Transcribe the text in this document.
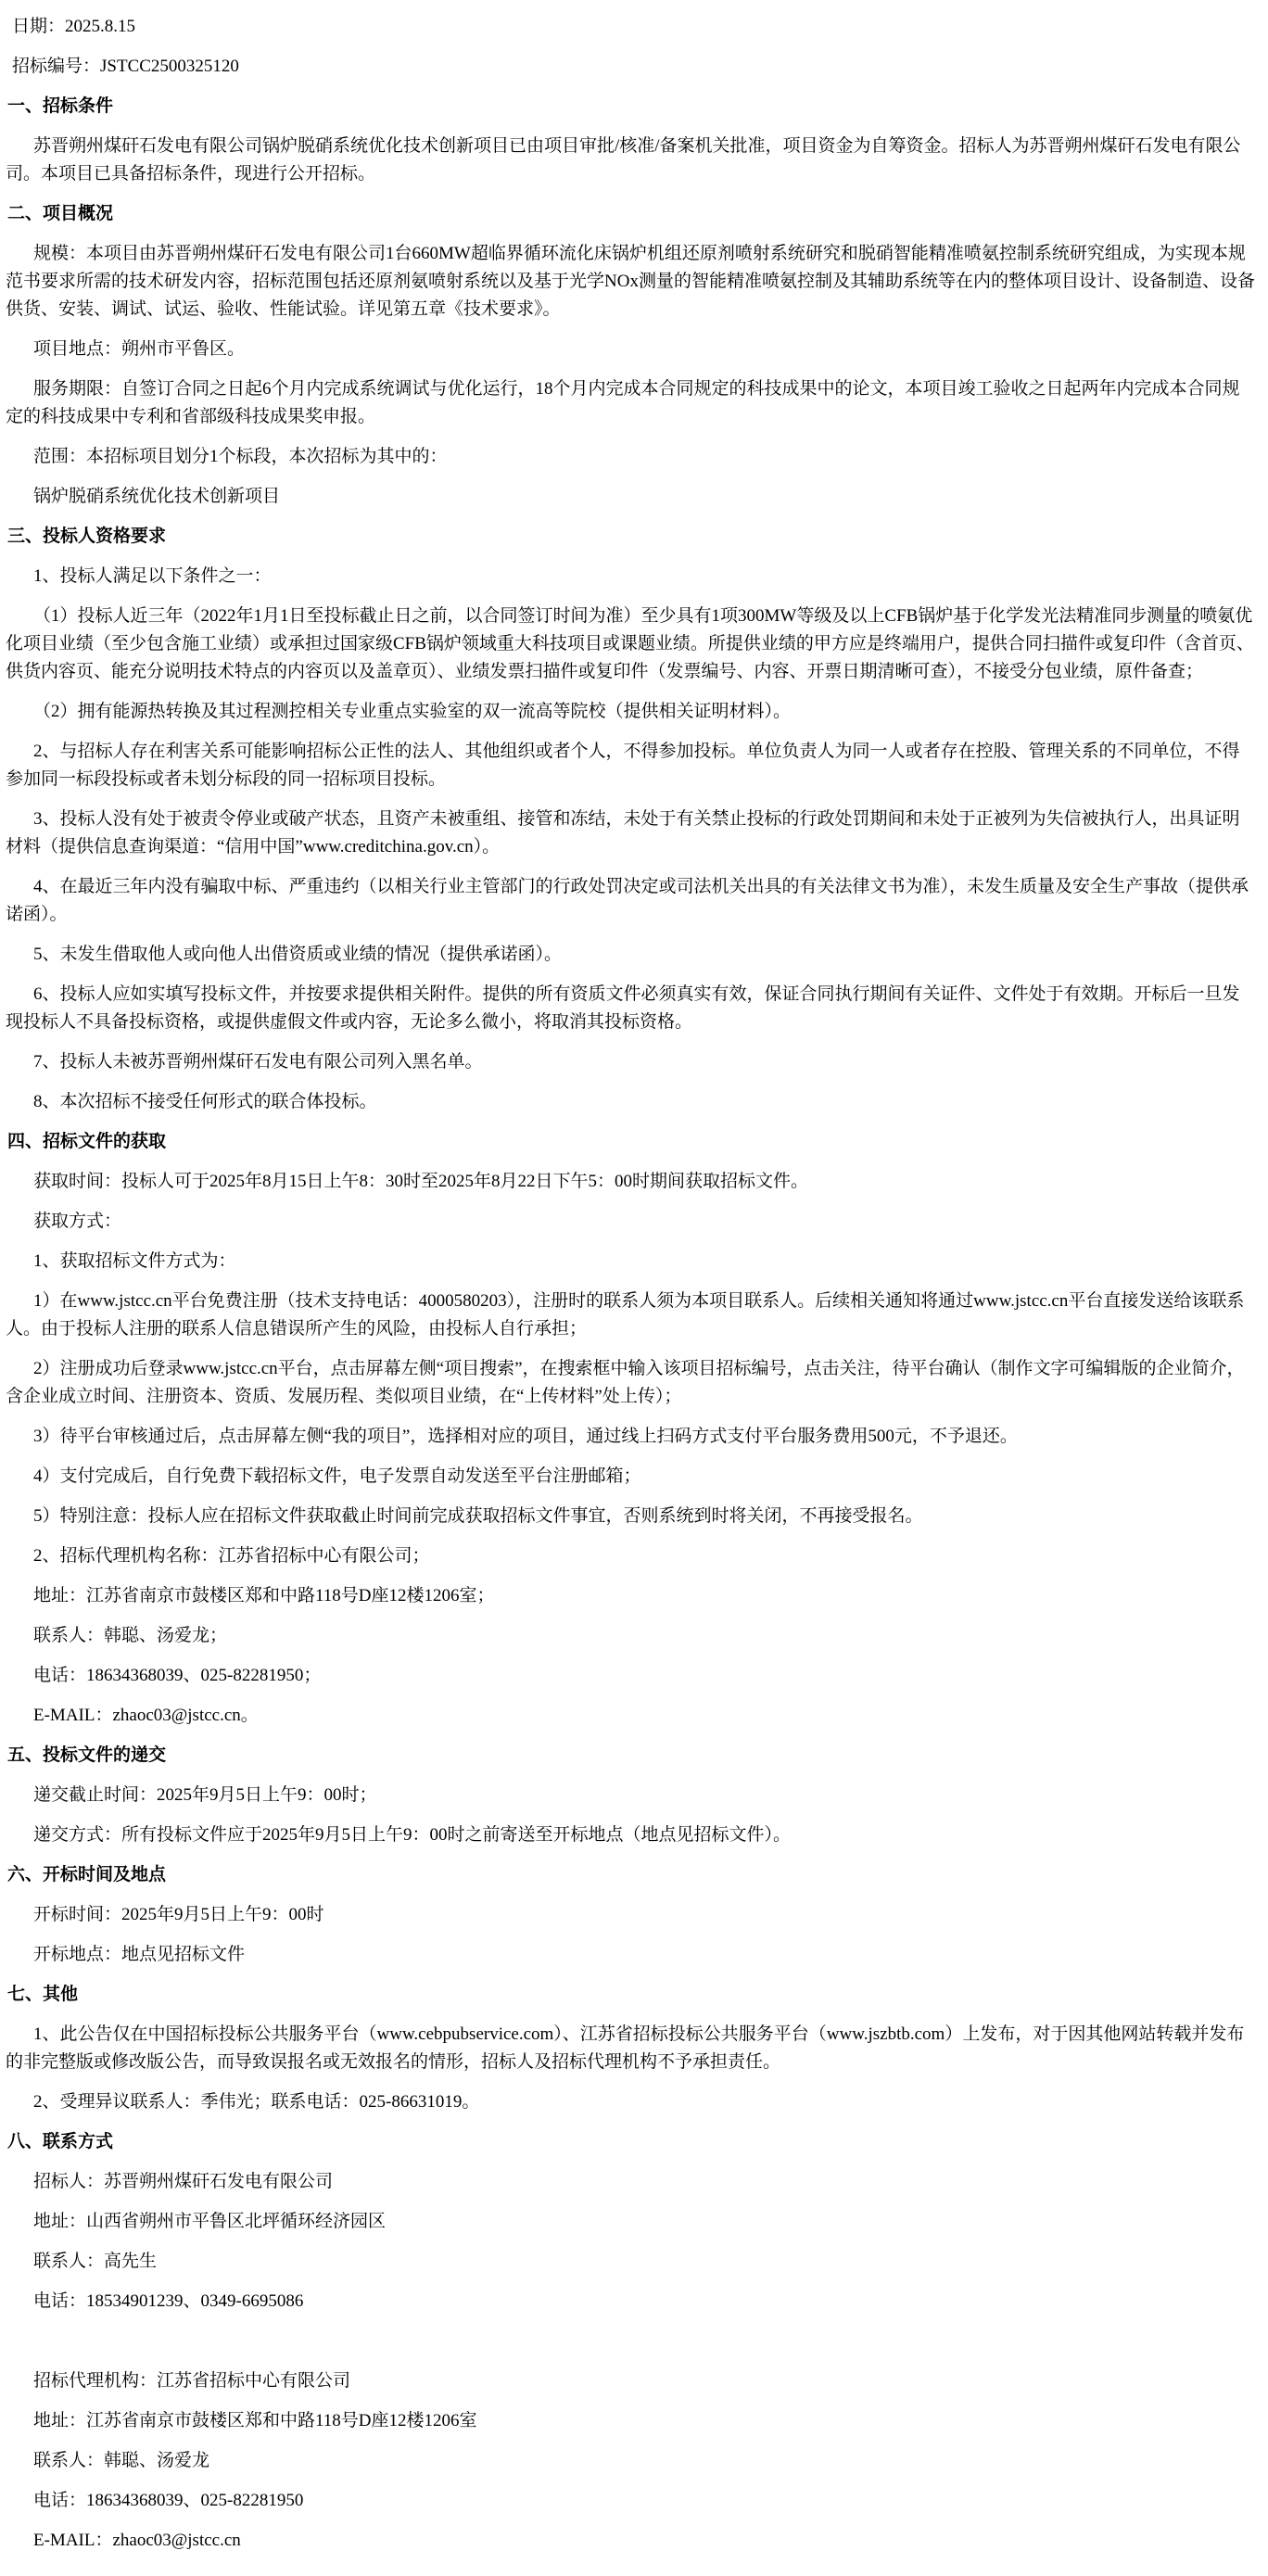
日期：2025.8.15
招标编号：JSTCC2500325120
一、招标条件
苏晋朔州煤矸石发电有限公司锅炉脱硝系统优化技术创新项目已由项目审批/核准/备案机关批准，项目资金为自筹资金。招标人为苏晋朔州煤矸石发电有限公司。本项目已具备招标条件，现进行公开招标。
二、项目概况
规模：本项目由苏晋朔州煤矸石发电有限公司1台660MW超临界循环流化床锅炉机组还原剂喷射系统研究和脱硝智能精准喷氨控制系统研究组成，为实现本规范书要求所需的技术研发内容，招标范围包括还原剂氨喷射系统以及基于光学NOx测量的智能精准喷氨控制及其辅助系统等在内的整体项目设计、设备制造、设备供货、安装、调试、试运、验收、性能试验。详见第五章《技术要求》。
项目地点：朔州市平鲁区。
服务期限：自签订合同之日起6个月内完成系统调试与优化运行，18个月内完成本合同规定的科技成果中的论文，本项目竣工验收之日起两年内完成本合同规定的科技成果中专利和省部级科技成果奖申报。
范围：本招标项目划分1个标段，本次招标为其中的：
锅炉脱硝系统优化技术创新项目
三、投标人资格要求
1、投标人满足以下条件之一：
（1）投标人近三年（2022年1月1日至投标截止日之前，以合同签订时间为准）至少具有1项300MW等级及以上CFB锅炉基于化学发光法精准同步测量的喷氨优化项目业绩（至少包含施工业绩）或承担过国家级CFB锅炉领域重大科技项目或课题业绩。所提供业绩的甲方应是终端用户，提供合同扫描件或复印件（含首页、供货内容页、能充分说明技术特点的内容页以及盖章页）、业绩发票扫描件或复印件（发票编号、内容、开票日期清晰可查），不接受分包业绩，原件备查；
（2）拥有能源热转换及其过程测控相关专业重点实验室的双一流高等院校（提供相关证明材料）。
2、与招标人存在利害关系可能影响招标公正性的法人、其他组织或者个人，不得参加投标。单位负责人为同一人或者存在控股、管理关系的不同单位，不得参加同一标段投标或者未划分标段的同一招标项目投标。
3、投标人没有处于被责令停业或破产状态，且资产未被重组、接管和冻结，未处于有关禁止投标的行政处罚期间和未处于正被列为失信被执行人，出具证明材料（提供信息查询渠道：“信用中国”www.creditchina.gov.cn）。
4、在最近三年内没有骗取中标、严重违约（以相关行业主管部门的行政处罚决定或司法机关出具的有关法律文书为准），未发生质量及安全生产事故（提供承诺函）。
5、未发生借取他人或向他人出借资质或业绩的情况（提供承诺函）。
6、投标人应如实填写投标文件，并按要求提供相关附件。提供的所有资质文件必须真实有效，保证合同执行期间有关证件、文件处于有效期。开标后一旦发现投标人不具备投标资格，或提供虚假文件或内容，无论多么微小，将取消其投标资格。
7、投标人未被苏晋朔州煤矸石发电有限公司列入黑名单。
8、本次招标不接受任何形式的联合体投标。
四、招标文件的获取
获取时间：投标人可于2025年8月15日上午8：30时至2025年8月22日下午5：00时期间获取招标文件。
获取方式：
1、获取招标文件方式为：
1）在www.jstcc.cn平台免费注册（技术支持电话：4000580203），注册时的联系人须为本项目联系人。后续相关通知将通过www.jstcc.cn平台直接发送给该联系人。由于投标人注册的联系人信息错误所产生的风险，由投标人自行承担；
2）注册成功后登录www.jstcc.cn平台，点击屏幕左侧“项目搜索”，在搜索框中输入该项目招标编号，点击关注，待平台确认（制作文字可编辑版的企业简介，含企业成立时间、注册资本、资质、发展历程、类似项目业绩，在“上传材料”处上传）；
3）待平台审核通过后，点击屏幕左侧“我的项目”，选择相对应的项目，通过线上扫码方式支付平台服务费用500元，不予退还。
4）支付完成后，自行免费下载招标文件，电子发票自动发送至平台注册邮箱；
5）特别注意：投标人应在招标文件获取截止时间前完成获取招标文件事宜，否则系统到时将关闭，不再接受报名。
2、招标代理机构名称：江苏省招标中心有限公司；
地址：江苏省南京市鼓楼区郑和中路118号D座12楼1206室；
联系人：韩聪、汤爱龙；
电话：18634368039、025-82281950；
E-MAIL：zhaoc03@jstcc.cn。
五、投标文件的递交
递交截止时间：2025年9月5日上午9：00时；
递交方式：所有投标文件应于2025年9月5日上午9：00时之前寄送至开标地点（地点见招标文件）。
六、开标时间及地点
开标时间：2025年9月5日上午9：00时
开标地点：地点见招标文件
七、其他
1、此公告仅在中国招标投标公共服务平台（www.cebpubservice.com）、江苏省招标投标公共服务平台（www.jszbtb.com）上发布，对于因其他网站转载并发布的非完整版或修改版公告，而导致误报名或无效报名的情形，招标人及招标代理机构不予承担责任。
2、受理异议联系人：季伟光；联系电话：025-86631019。
八、联系方式
招标人：苏晋朔州煤矸石发电有限公司
地址：山西省朔州市平鲁区北坪循环经济园区
联系人：高先生
电话：18534901239、0349-6695086
招标代理机构：江苏省招标中心有限公司
地址：江苏省南京市鼓楼区郑和中路118号D座12楼1206室
联系人：韩聪、汤爱龙
电话：18634368039、025-82281950
E-MAIL：zhaoc03@jstcc.cn
